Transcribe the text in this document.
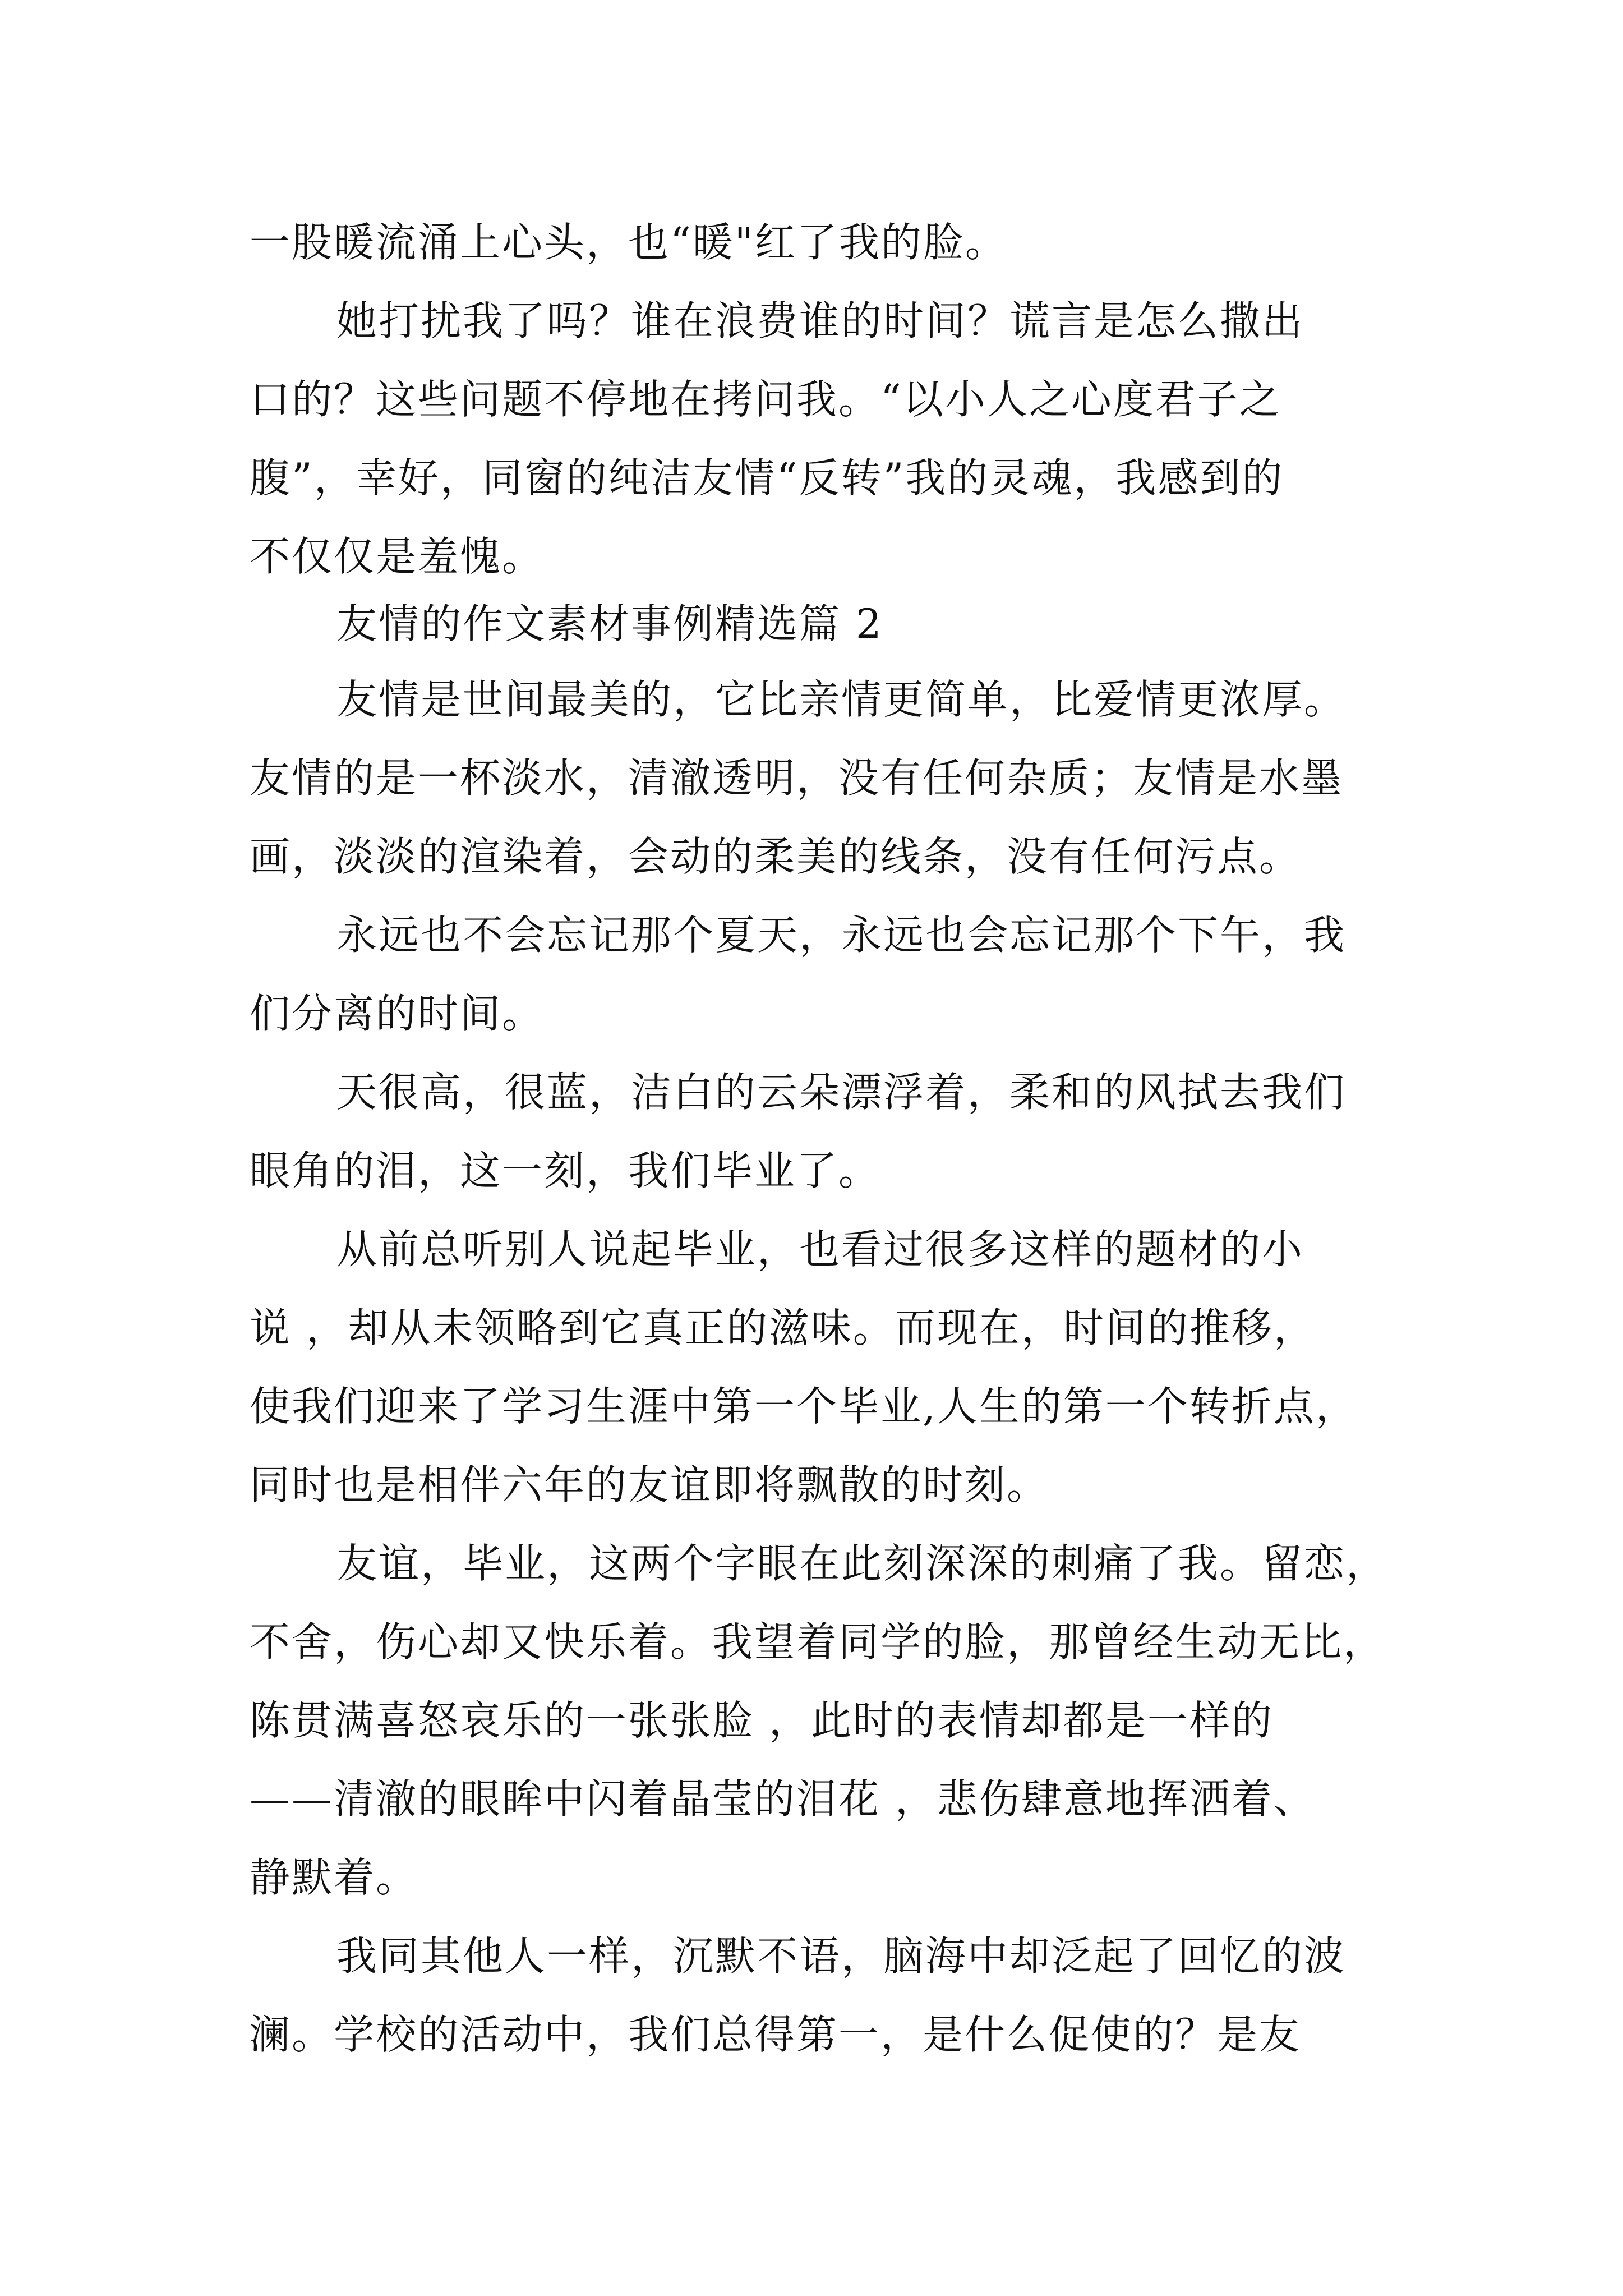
一股暖流涌上心头，也“暖"红了我的脸。
她打扰我了吗？谁在浪费谁的时间？谎言是怎么撒出
口的？这些问题不停地在拷问我。“以小人之心度君子之
腹”，幸好，同窗的纯洁友情“反转”我的灵魂，我感到的
不仅仅是羞愧。
友情的作文素材事例精选篇 2
友情是世间最美的，它比亲情更简单，比爱情更浓厚。
友情的是一杯淡水，清澈透明，没有任何杂质；友情是水墨
画，淡淡的渲染着，会动的柔美的线条，没有任何污点。
永远也不会忘记那个夏天，永远也会忘记那个下午，我
们分离的时间。
天很高，很蓝，洁白的云朵漂浮着，柔和的风拭去我们
眼角的泪，这一刻，我们毕业了。
从前总听别人说起毕业，也看过很多这样的题材的小
说 ，却从未领略到它真正的滋味。而现在，时间的推移，
使我们迎来了学习生涯中第一个毕业,人生的第一个转折点，
同时也是相伴六年的友谊即将飘散的时刻。
友谊，毕业，这两个字眼在此刻深深的刺痛了我。留恋，
不舍，伤心却又快乐着。我望着同学的脸，那曾经生动无比，
陈贯满喜怒哀乐的一张张脸 ，此时的表情却都是一样的
——清澈的眼眸中闪着晶莹的泪花 ，悲伤肆意地挥洒着、
静默着。
我同其他人一样，沉默不语，脑海中却泛起了回忆的波
澜。学校的活动中，我们总得第一，是什么促使的？是友
